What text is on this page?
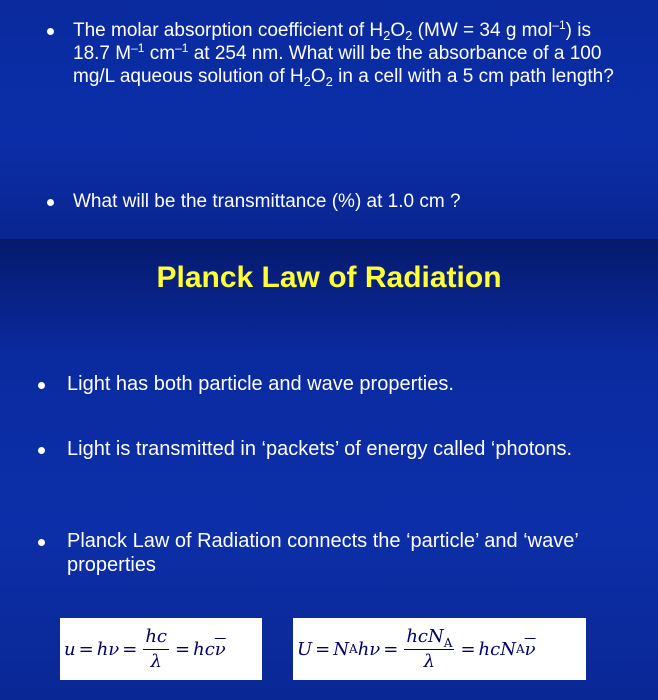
The molar absorption coefficient of $H_2O_2$ (MW = 34 g mol$^{-1}$) is 18.7 $M^{-1}$ $cm^{-1}$ at 254 nm. What will be the absorbance of a 100 mg/L aqueous solution of $H_2O_2$ in a cell with a 5 cm path length?
What will be the transmittance (%) at 1.0 cm ?
Planck Law of Radiation
Light has both particle and wave properties.
Light is transmitted in ‘packets’ of energy called ‘photons.
Planck Law of Radiation connects the ‘particle’ and ‘wave’ properties
$u = h\nu = \frac{hc}{\lambda}$ = hc $\overline{\nu}$	U = N A $h\nu = \frac{hcN_A}{\lambda}$ = hcN A $\overline{\nu}$
